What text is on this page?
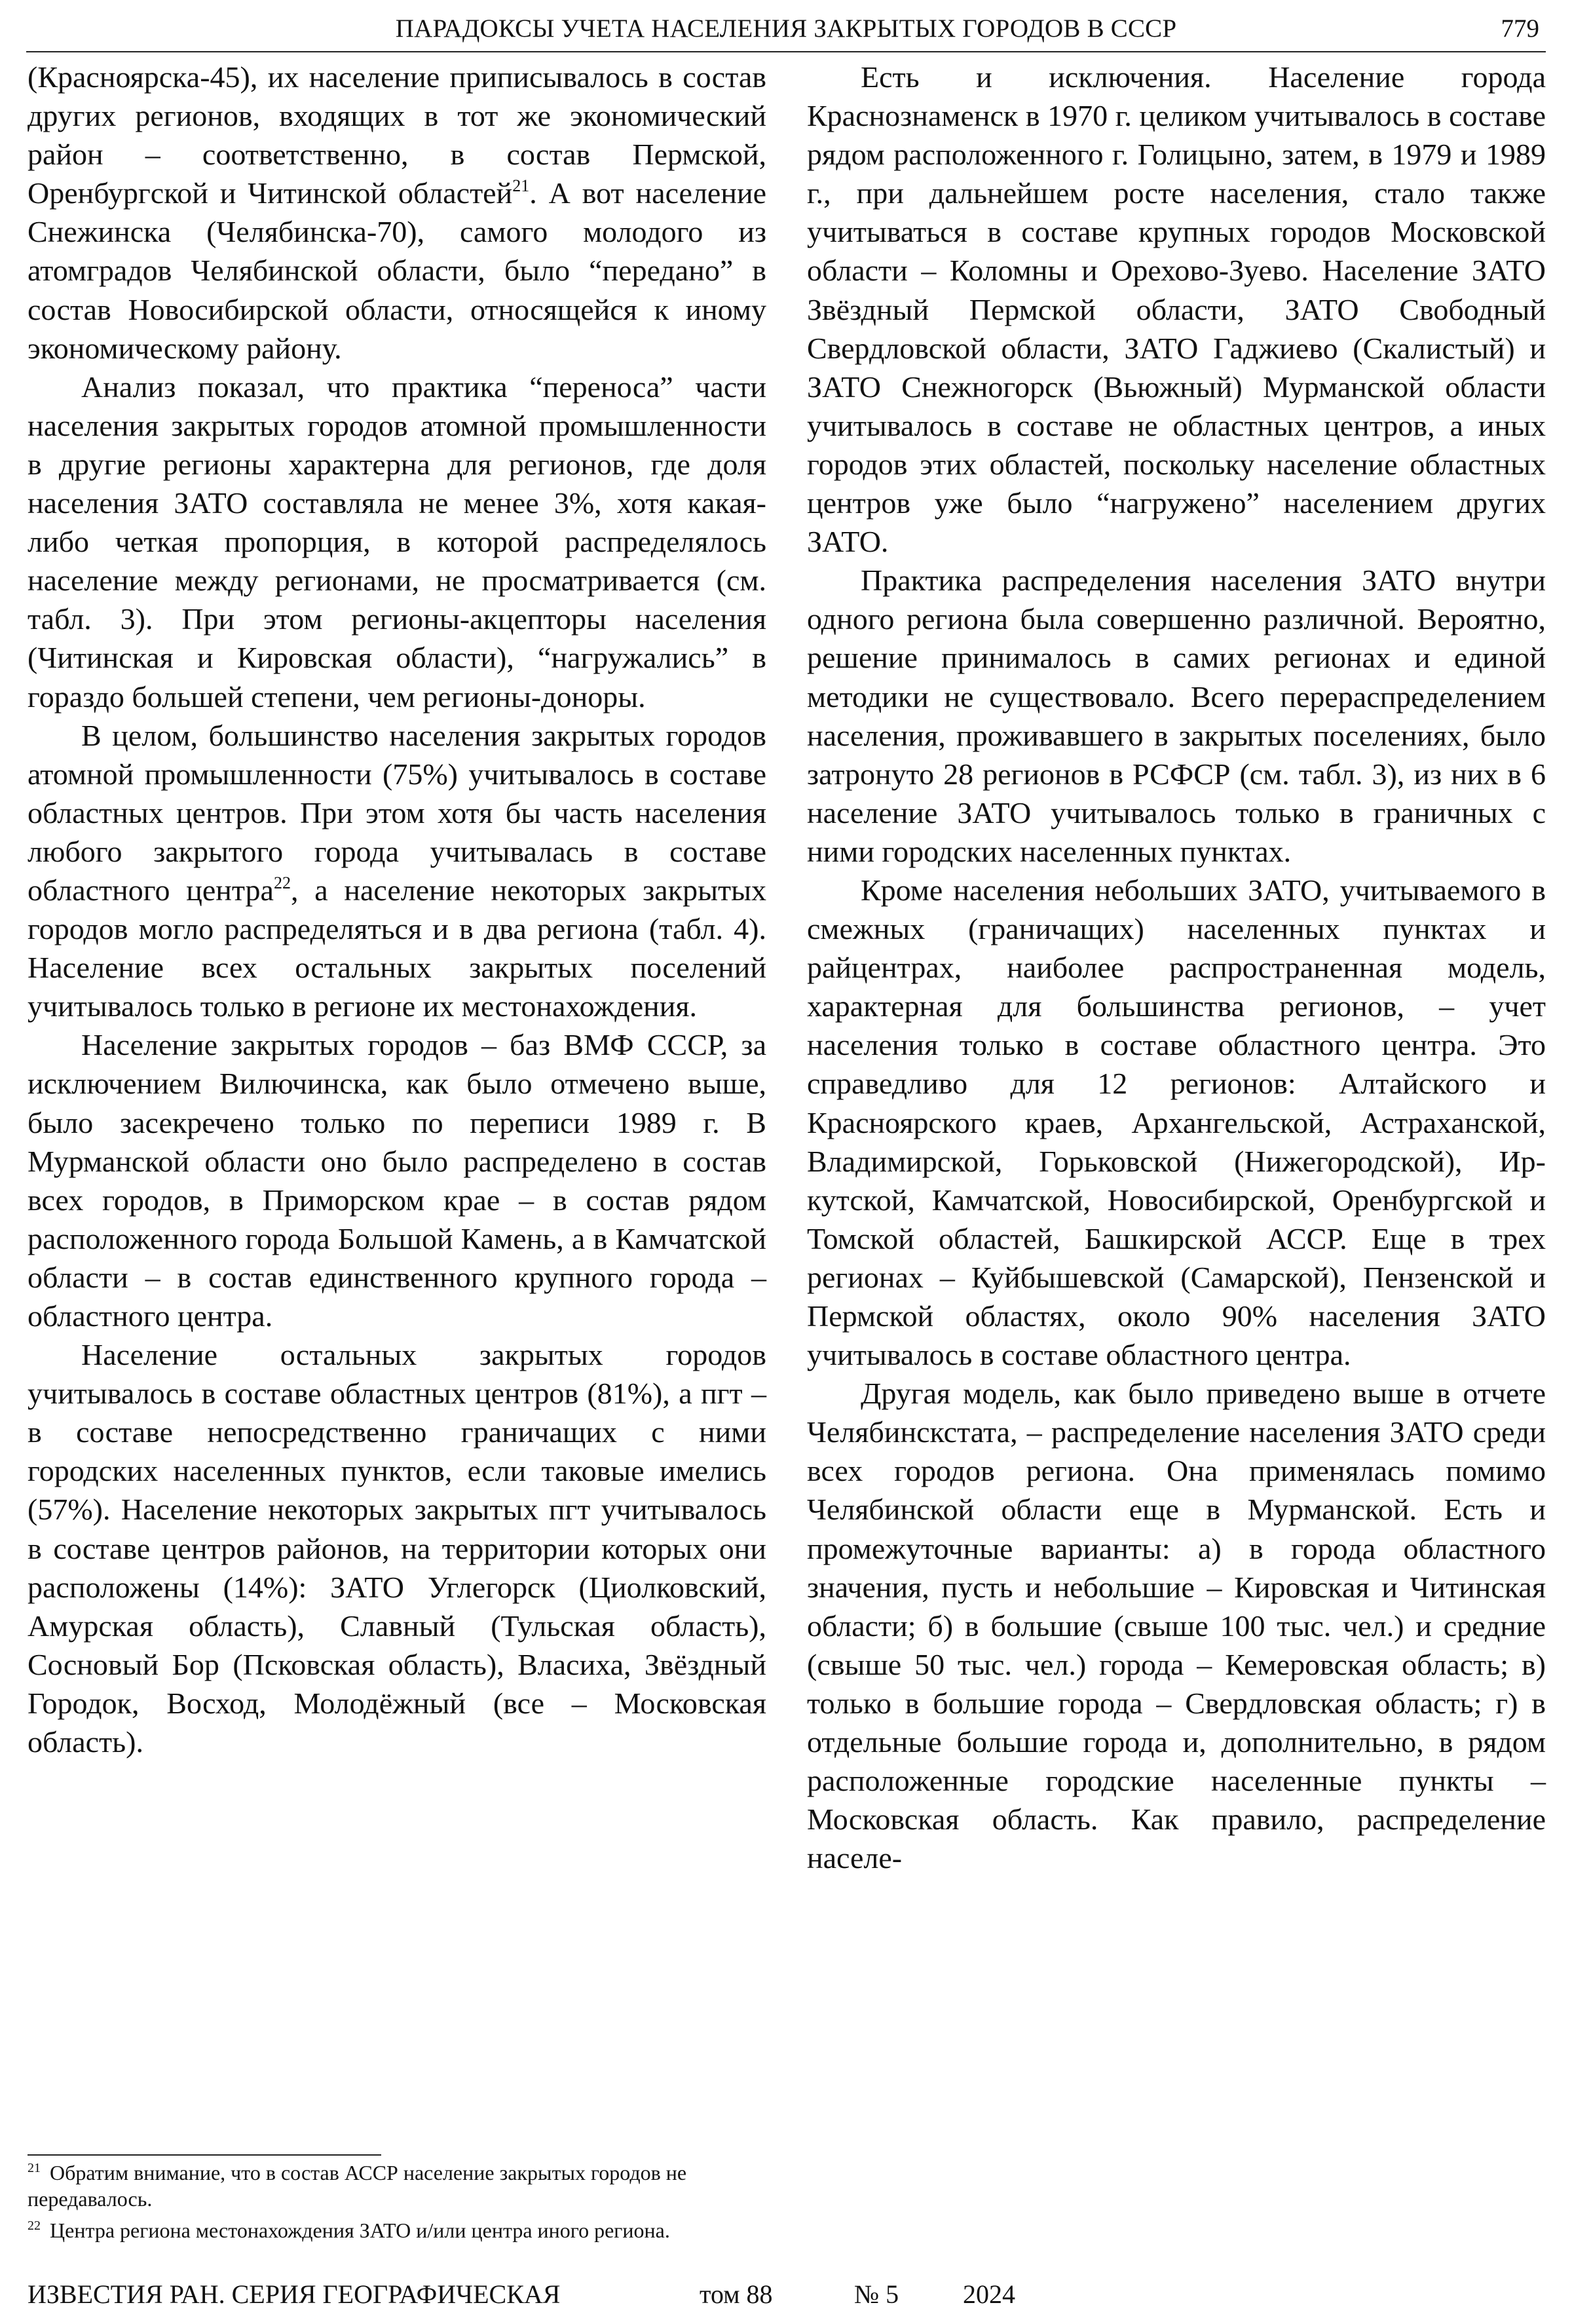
ПАРАДОКСЫ УЧЕТА НАСЕЛЕНИЯ ЗАКРЫТЫХ ГОРОДОВ В СССР	779

(Красноярска-45), их население приписывалось в состав других регионов, входящих в тот же экономический район – соответственно, в состав Пермской, Оренбургской и Читинской областей$^{21}$. А вот население Снежинска (Челябинска-70), самого молодого из атомградов Челябинской области, было “передано” в состав Новосибирской области, относящейся к иному экономическому району.

Анализ показал, что практика “переноса” части населения закрытых городов атомной промышленности в другие регионы характерна для регионов, где доля населения ЗАТО составляла не менее 3%, хотя какая-либо четкая пропорция, в которой распределялось население между регионами, не просматривается (см. табл. 3). При этом регионы-акцепторы населения (Читинская и Кировская области), “нагружались” в гораздо большей степени, чем регионы-доноры.

В целом, большинство населения закрытых городов атомной промышленности (75%) учитывалось в составе областных центров. При этом хотя бы часть населения любого закрытого города учитывалась в составе областного центра$^{22}$, а население некоторых закрытых городов могло распределяться и в два региона (табл. 4). Население всех остальных закрытых поселений учитывалось только в регионе их местонахождения.

Население закрытых городов – баз ВМФ СССР, за исключением Вилючинска, как было отмечено выше, было засекречено только по переписи 1989 г. В Мурманской области оно было распределено в состав всех городов, в Приморском крае – в состав рядом расположенного города Большой Камень, а в Камчатской области – в состав единственного крупного города – областного центра.

Население остальных закрытых городов учитывалось в составе областных центров (81%), а пгт – в составе непосредственно граничащих с ними городских населенных пунктов, если таковые имелись (57%). Население некоторых закрытых пгт учитывалось в составе центров районов, на территории которых они расположены (14%): ЗАТО Углегорск (Циолковский, Амурская область), Славный (Тульская область), Сосновый Бор (Псковская область), Власиха, Звёздный Городок, Восход, Молодёжный (все – Московская область).

$^{21}$ Обратим внимание, что в состав АССР население закрытых городов не передавалось.

$^{22}$ Центра региона местонахождения ЗАТО и/или центра иного региона.

Есть и исключения. Население города Краснознаменск в 1970 г. целиком учитывалось в составе рядом расположенного г. Голицыно, затем, в 1979 и 1989 г., при дальнейшем росте населения, стало также учитываться в составе крупных городов Московской области – Коломны и Орехово-Зуево. Население ЗАТО Звёздный Пермской области, ЗАТО Свободный Свердловской области, ЗАТО Гаджиево (Скалистый) и ЗАТО Снежногорск (Вьюжный) Мурманской области учитывалось в составе не областных центров, а иных городов этих областей, поскольку население областных центров уже было “нагружено” населением других ЗАТО.

Практика распределения населения ЗАТО внутри одного региона была совершенно различной. Вероятно, решение принималось в самих регионах и единой методики не существовало. Всего перераспределением населения, проживавшего в закрытых поселениях, было затронуто 28 регионов в РСФСР (см. табл. 3), из них в 6 население ЗАТО учитывалось только в граничных с ними городских населенных пунктах.

Кроме населения небольших ЗАТО, учитываемого в смежных (граничащих) населенных пунктах и райцентрах, наиболее распространенная модель, характерная для большинства регионов, – учет населения только в составе областного центра. Это справедливо для 12 регионов: Алтайского и Красноярского краев, Архангельской, Астраханской, Владимирской, Горьковской (Нижегородской), Иркутской, Камчатской, Новосибирской, Оренбургской и Томской областей, Башкирской АССР. Еще в трех регионах – Куйбышевской (Самарской), Пензенской и Пермской областях, около 90% населения ЗАТО учитывалось в составе областного центра.

Другая модель, как было приведено выше в отчете Челябинскстата, – распределение населения ЗАТО среди всех городов региона. Она применялась помимо Челябинской области еще в Мурманской. Есть и промежуточные варианты: а) в города областного значения, пусть и небольшие – Кировская и Читинская области; б) в большие (свыше 100 тыс. чел.) и средние (свыше 50 тыс. чел.) города – Кемеровская область; в) только в большие города – Свердловская область; г) в отдельные большие города и, дополнительно, в рядом расположенные городские населенные пункты – Московская область. Как правило, распределение населе-

ИЗВЕСТИЯ РАН. СЕРИЯ ГЕОГРАФИЧЕСКАЯ	том 88	№ 5 2024
